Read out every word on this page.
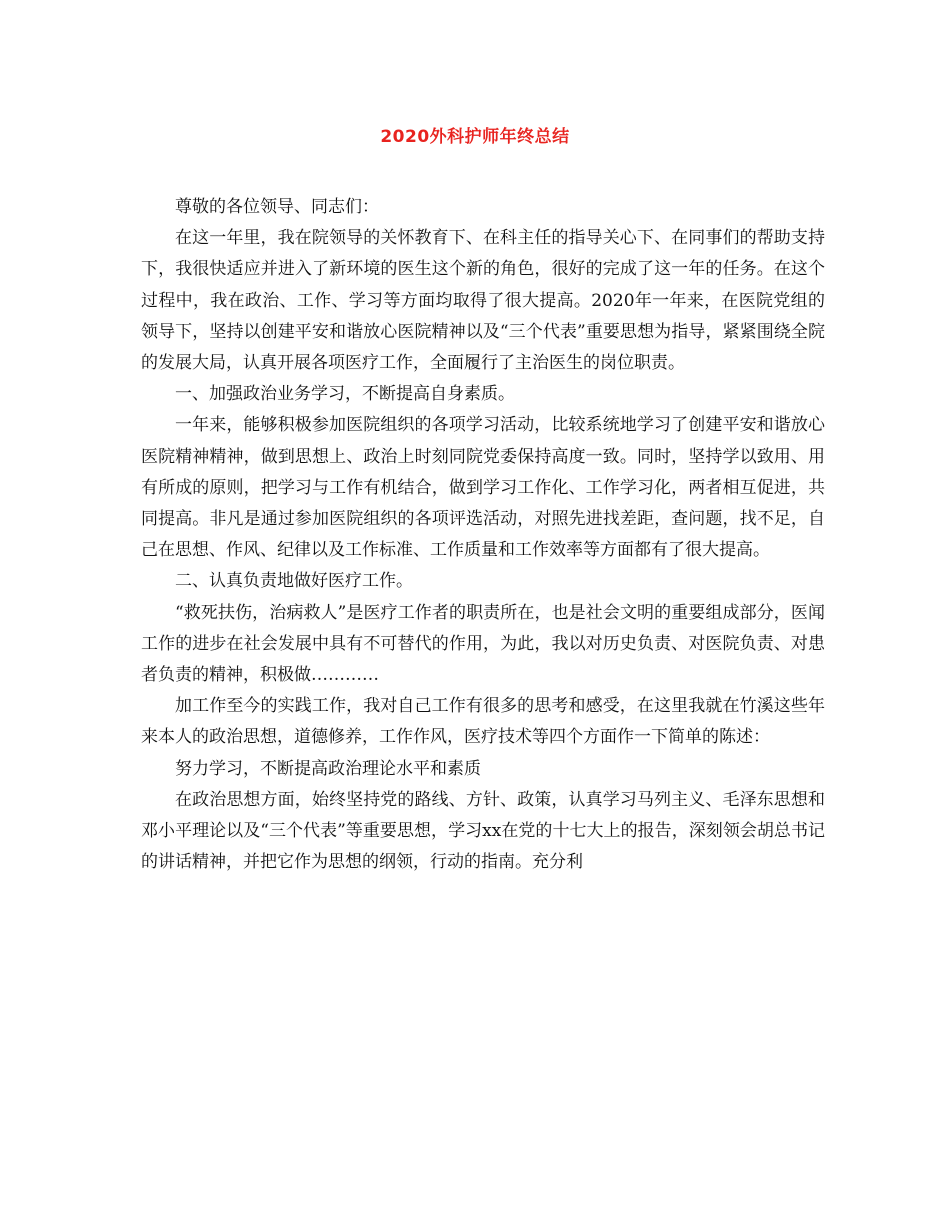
2020外科护师年终总结

尊敬的各位领导、同志们：

在这一年里，我在院领导的关怀教育下、在科主任的指导关心下、在同事们的帮助支持下，我很快适应并进入了新环境的医生这个新的角色，很好的完成了这一年的任务。在这个过程中，我在政治、工作、学习等方面均取得了很大提高。2020年一年来，在医院党组的领导下，坚持以创建平安和谐放心医院精神以及“三个代表”重要思想为指导，紧紧围绕全院的发展大局，认真开展各项医疗工作，全面履行了主治医生的岗位职责。

一、加强政治业务学习，不断提高自身素质。

一年来，能够积极参加医院组织的各项学习活动，比较系统地学习了创建平安和谐放心医院精神精神，做到思想上、政治上时刻同院党委保持高度一致。同时，坚持学以致用、用有所成的原则，把学习与工作有机结合，做到学习工作化、工作学习化，两者相互促进，共同提高。非凡是通过参加医院组织的各项评选活动，对照先进找差距，查问题，找不足，自己在思想、作风、纪律以及工作标准、工作质量和工作效率等方面都有了很大提高。

二、认真负责地做好医疗工作。

“救死扶伤，治病救人”是医疗工作者的职责所在，也是社会文明的重要组成部分，医闻工作的进步在社会发展中具有不可替代的作用，为此，我以对历史负责、对医院负责、对患者负责的精神，积极做…………

加工作至今的实践工作，我对自己工作有很多的思考和感受，在这里我就在竹溪这些年来本人的政治思想，道德修养，工作作风，医疗技术等四个方面作一下简单的陈述：

努力学习，不断提高政治理论水平和素质

在政治思想方面，始终坚持党的路线、方针、政策，认真学习马列主义、毛泽东思想和邓小平理论以及“三个代表”等重要思想，学习xx在党的十七大上的报告，深刻领会胡总书记的讲话精神，并把它作为思想的纲领，行动的指南。充分利
